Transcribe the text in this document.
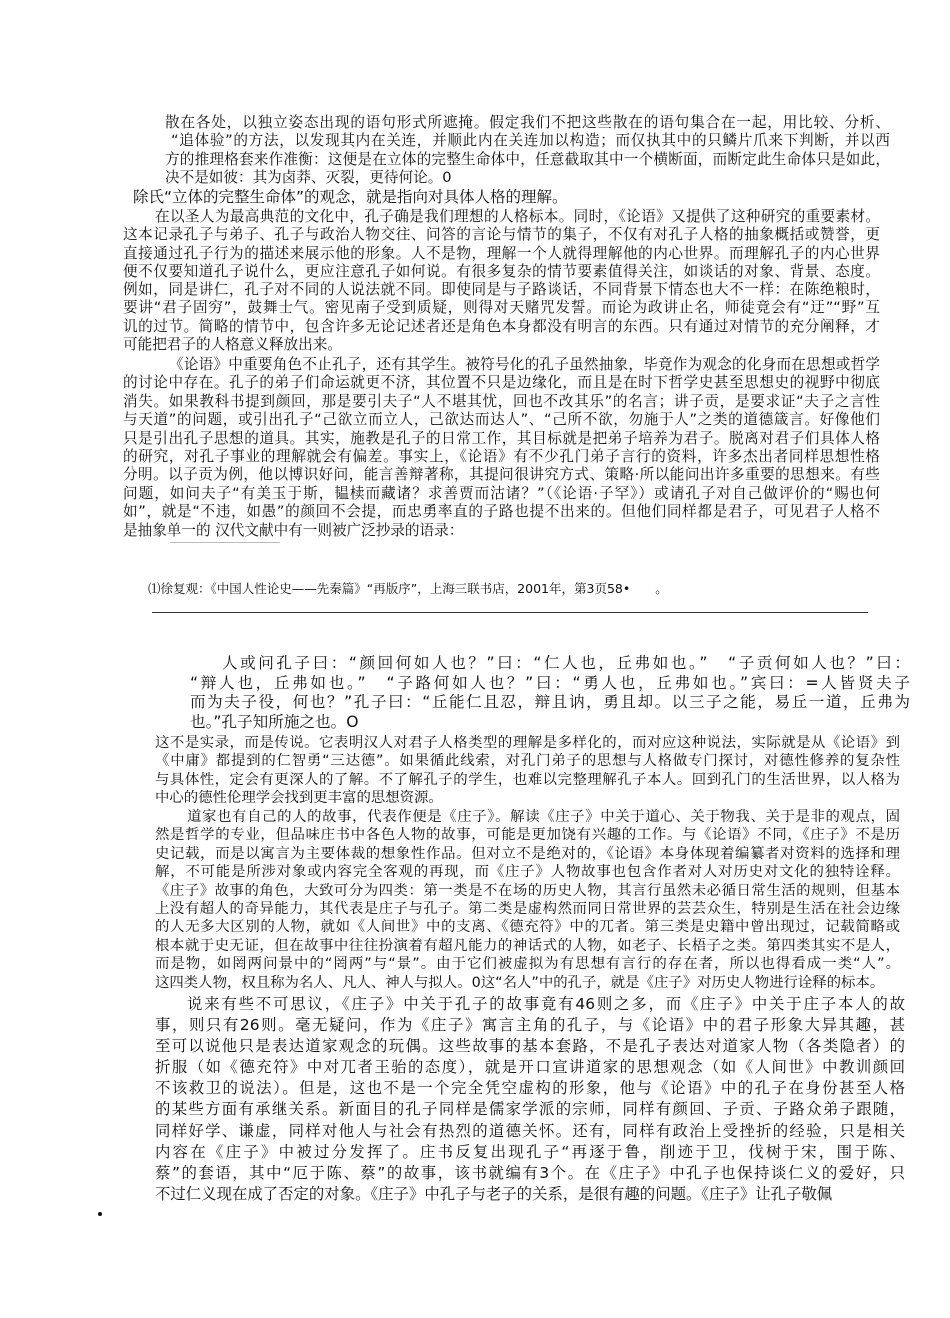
散在各处，以独立姿态出现的语句形式所遮掩。假定我们不把这些散在的语句集合在一起，用比较、分析、
“追体验”的方法，以发现其内在关连，并顺此内在关连加以构造；而仅执其中的只鳞片爪来下判断，并以西
方的推理格套来作准衡：这便是在立体的完整生命体中，任意截取其中一个横断面，而断定此生命体只是如此，
决不是如彼：其为卤莽、灭裂，更待何论。0
除氏“立体的完整生命体”的观念，就是指向对具体人格的理解。
在以圣人为最高典范的文化中，孔子确是我们理想的人格标本。同时，《论语》又提供了这种研究的重要素材。
这本记录孔子与弟子、孔子与政治人物交往、问答的言论与情节的集子，不仅有对孔子人格的抽象概括或赞誉，更
直接通过孔子行为的描述来展示他的形象。人不是物，理解一个人就得理解他的内心世界。而理解孔子的内心世界
便不仅要知道孔子说什么，更应注意孔子如何说。有很多复杂的情节要素值得关注，如谈话的对象、背景、态度。
例如，同是讲仁，孔子对不同的人说法就不同。即使同是与子路谈话，不同背景下情态也大不一样：在陈绝粮时，
要讲“君子固穷”，鼓舞士气。密见南子受到质疑，则得对天赌咒发誓。而论为政讲止名，师徒竟会有“迂”“野”互
讥的过节。简略的情节中，包含许多无论记述者还是角色本身都没有明言的东西。只有通过对情节的充分阐释，才
可能把君子的人格意义释放出来。
《论语》中重要角色不止孔子，还有其学生。被符号化的孔子虽然抽象，毕竟作为观念的化身而在思想或哲学
的讨论中存在。孔子的弟子们命运就更不济，其位置不只是边缘化，而且是在时下哲学史甚至思想史的视野中彻底
消失。如果教科书提到颜回，那是要引夫子“人不堪其忧，回也不改其乐”的名言；讲子贡，是要求证“夫子之言性
与天道”的问题，或引出孔子“己欲立而立人，己欲达而达人”、“己所不欲，勿施于人”之类的道德箴言。好像他们
只是引出孔子思想的道具。其实，施教是孔子的日常工作，其目标就是把弟子培养为君子。脱离对君子们具体人格
的研究，对孔子事业的理解就会有偏差。事实上，《论语》有不少孔门弟子言行的资料，许多杰出者同样思想性格
分明。以子贡为例，他以博识好问，能言善辩著称，其提问很讲究方式、策略·所以能问出许多重要的思想来。有些
问题，如问夫子“有美玉于斯，韫椟而藏诸？求善贾而沽诸？”（《论语·子罕》）或请孔子对自己做评价的“赐也何
如”，就是“不违，如愚”的颜回不会提，而忠勇率直的子路也提不出来的。但他们同样都是君子，可见君子人格不
是抽象单一的 汉代文献中有一则被广泛抄录的语录：
⑴徐复观：《中国人性论史——先秦篇》“再版序”，上海三联书店，2001年，第3页58•　　。
人或问孔子曰：“颜回何如人也？”曰：“仁人也，丘弗如也。”　“子贡何如人也？”曰：
“辩人也，丘弗如也。”　“子路何如人也？”曰：“勇人也，丘弗如也。”宾曰：=人皆贤夫子
而为夫子役，何也？”孔子曰：“丘能仁且忍，辩且讷，勇且却。以三子之能，易丘一道，丘弗为
也。”孔子知所施之也。O
这不是实录，而是传说。它表明汉人对君子人格类型的理解是多样化的，而对应这种说法，实际就是从《论语》到
《中庸》都提到的仁智勇“三达德”。如果循此线索，对孔门弟子的思想与人格做专门探讨，对德性修养的复杂性
与具体性，定会有更深人的了解。不了解孔子的学生，也难以完整理解孔子本人。回到孔门的生活世界，以人格为
中心的德性伦理学会找到更丰富的思想资源。
道家也有自己的人的故事，代表作便是《庄子》。解读《庄子》中关于道心、关于物我、关于是非的观点，固
然是哲学的专业，但品味庄书中各色人物的故事，可能是更加饶有兴趣的工作。与《论语》不同，《庄子》不是历
史记载，而是以寓言为主要体裁的想象性作品。但对立不是绝对的，《论语》本身体现着编纂者对资料的选择和理
解，不可能是所涉对象或内容完全客观的再现，而《庄子》人物故事也包含作者对人对历史对文化的独特诠释。
《庄子》故事的角色，大致可分为四类：第一类是不在场的历史人物，其言行虽然未必循日常生活的规则，但基本
上没有超人的奇异能力，其代表是庄子与孔子。第二类是虚构然而同日常世界的芸芸众生，特别是生活在社会边缘
的人无多大区别的人物，就如《人间世》中的支离、《德充符》中的兀者。第三类是史籍中曾出现过，记载简略或
根本就于史无证，但在故事中往往扮演着有超凡能力的神话式的人物，如老子、长梧子之类。第四类其实不是人，
而是物，如罔两问景中的“罔两”与“景”。由于它们被虚拟为有思想有言行的存在者，所以也得看成一类“人”。
这四类人物，权且称为名人、凡人、神人与拟人。0这“名人”中的孔子，就是《庄子》对历史人物进行诠释的标本。
说来有些不可思议，《庄子》中关于孔子的故事竟有46则之多，而《庄子》中关于庄子本人的故
事，则只有26则。毫无疑问，作为《庄子》寓言主角的孔子，与《论语》中的君子形象大异其趣，甚
至可以说他只是表达道家观念的玩偶。这些故事的基本套路，不是孔子表达对道家人物（各类隐者）的
折服（如《德充符》中对兀者王骀的态度），就是开口宣讲道家的思想观念（如《人间世》中教训颜回
不该救卫的说法）。但是，这也不是一个完全凭空虚构的形象，他与《论语》中的孔子在身份甚至人格
的某些方面有承继关系。新面目的孔子同样是儒家学派的宗师，同样有颜回、子贡、子路众弟子跟随，
同样好学、谦虚，同样对他人与社会有热烈的道德关怀。还有，同样有政治上受挫折的经验，只是相关
内容在《庄子》中被过分发挥了。庄书反复出现孔子“再逐于鲁，削迹于卫，伐树于宋，围于陈、
蔡”的套语，其中“厄于陈、蔡”的故事，该书就编有3个。在《庄子》中孔子也保持谈仁义的爱好，只
不过仁义现在成了否定的对象。《庄子》中孔子与老子的关系，是很有趣的问题。《庄子》让孔子敬佩
